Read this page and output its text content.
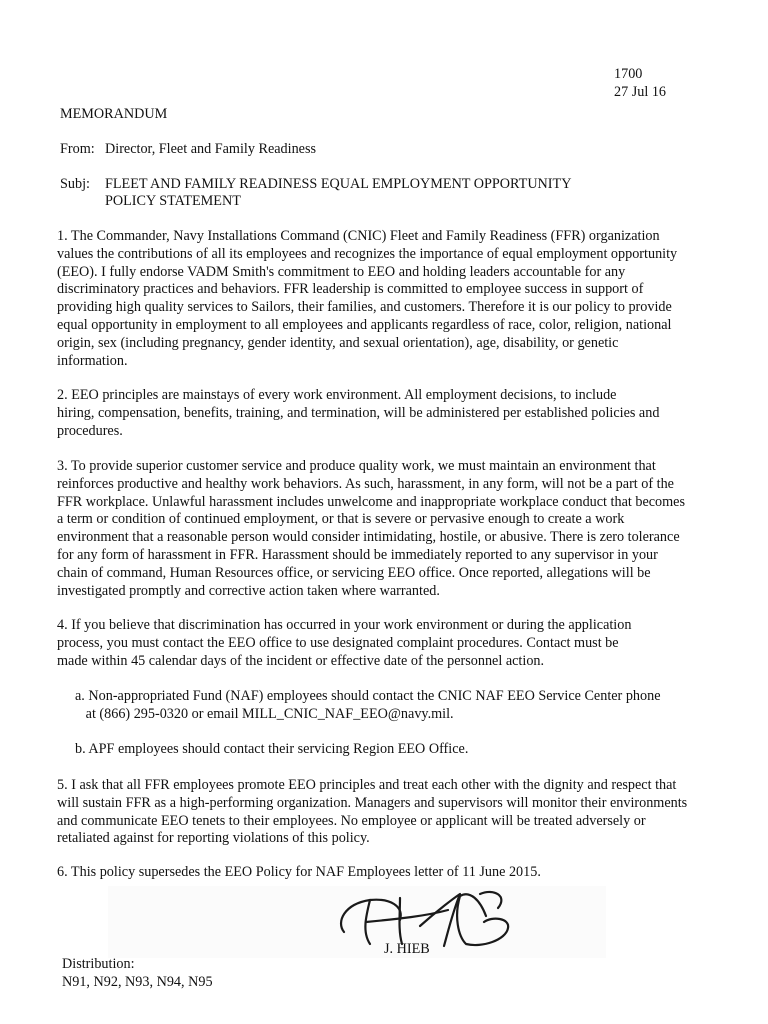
1700
27 Jul 16
MEMORANDUM
From: Director, Fleet and Family Readiness
Subj: FLEET AND FAMILY READINESS EQUAL EMPLOYMENT OPPORTUNITY
POLICY STATEMENT
1. The Commander, Navy Installations Command (CNIC) Fleet and Family Readiness (FFR) organization
values the contributions of all its employees and recognizes the importance of equal employment opportunity
(EEO). I fully endorse VADM Smith's commitment to EEO and holding leaders accountable for any
discriminatory practices and behaviors. FFR leadership is committed to employee success in support of
providing high quality services to Sailors, their families, and customers. Therefore it is our policy to provide
equal opportunity in employment to all employees and applicants regardless of race, color, religion, national
origin, sex (including pregnancy, gender identity, and sexual orientation), age, disability, or genetic
information.
2. EEO principles are mainstays of every work environment. All employment decisions, to include
hiring, compensation, benefits, training, and termination, will be administered per established policies and
procedures.
3. To provide superior customer service and produce quality work, we must maintain an environment that
reinforces productive and healthy work behaviors. As such, harassment, in any form, will not be a part of the
FFR workplace. Unlawful harassment includes unwelcome and inappropriate workplace conduct that becomes
a term or condition of continued employment, or that is severe or pervasive enough to create a work
environment that a reasonable person would consider intimidating, hostile, or abusive. There is zero tolerance
for any form of harassment in FFR. Harassment should be immediately reported to any supervisor in your
chain of command, Human Resources office, or servicing EEO office. Once reported, allegations will be
investigated promptly and corrective action taken where warranted.
4. If you believe that discrimination has occurred in your work environment or during the application
process, you must contact the EEO office to use designated complaint procedures. Contact must be
made within 45 calendar days of the incident or effective date of the personnel action.
a. Non-appropriated Fund (NAF) employees should contact the CNIC NAF EEO Service Center phone
at (866) 295-0320 or email MILL_CNIC_NAF_EEO@navy.mil.
b. APF employees should contact their servicing Region EEO Office.
5. I ask that all FFR employees promote EEO principles and treat each other with the dignity and respect that
will sustain FFR as a high-performing organization. Managers and supervisors will monitor their environments
and communicate EEO tenets to their employees. No employee or applicant will be treated adversely or
retaliated against for reporting violations of this policy.
6. This policy supersedes the EEO Policy for NAF Employees letter of 11 June 2015.
J. HIEB
Distribution:
N91, N92, N93, N94, N95
